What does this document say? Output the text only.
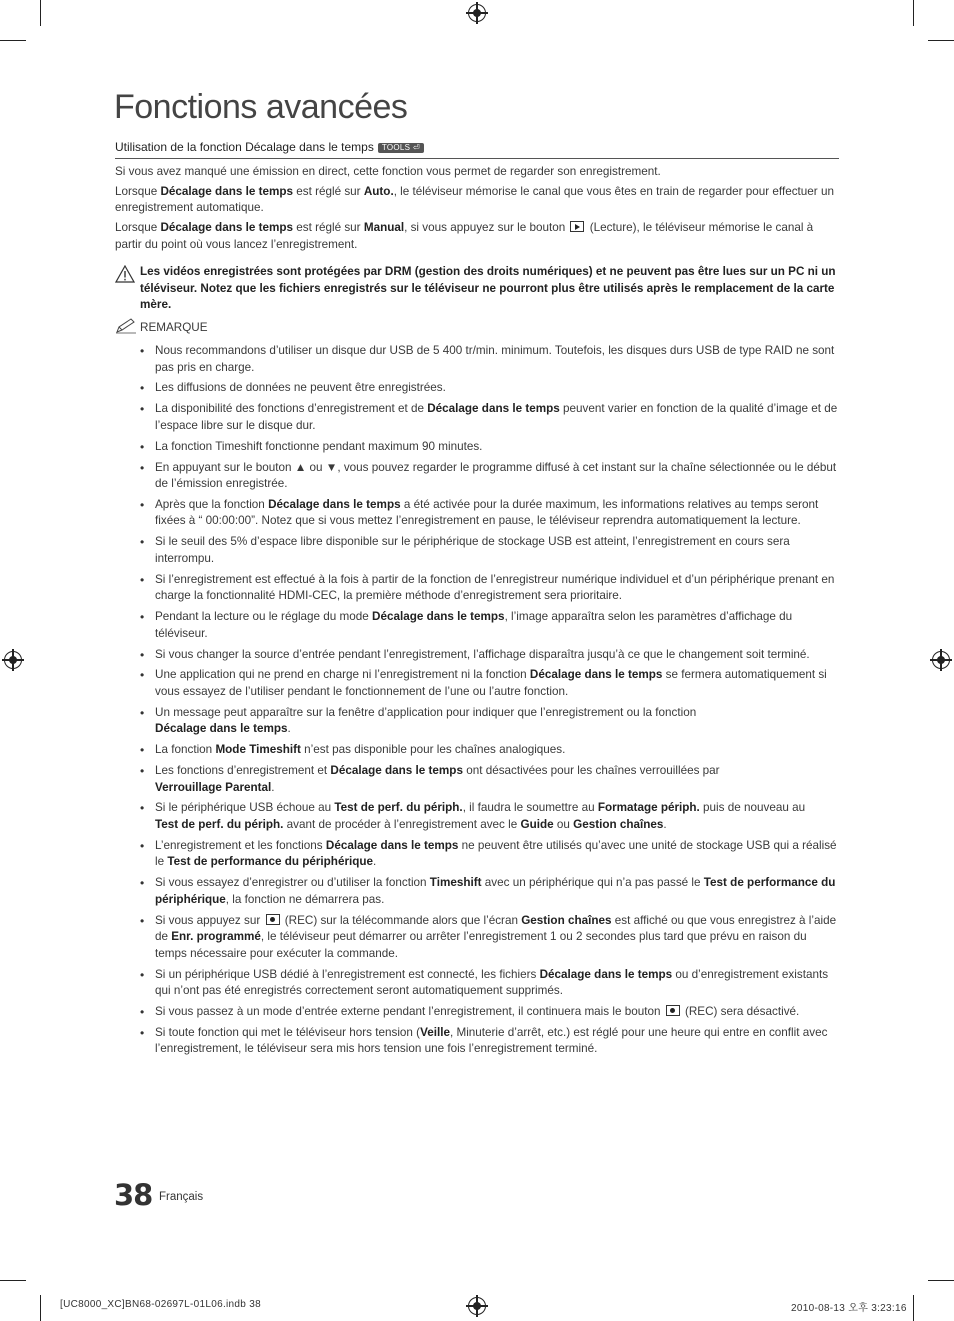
Fonctions avancées
Utilisation de la fonction Décalage dans le temps TOOLS ⏎

Si vous avez manqué une émission en direct, cette fonction vous permet de regarder son enregistrement.

Lorsque Décalage dans le temps est réglé sur Auto., le téléviseur mémorise le canal que vous êtes en train de regarder pour effectuer un enregistrement automatique.

Lorsque Décalage dans le temps est réglé sur Manual, si vous appuyez sur le bouton  (Lecture), le téléviseur mémorise le canal à partir du point où vous lancez l’enregistrement.

Les vidéos enregistrées sont protégées par DRM (gestion des droits numériques) et ne peuvent pas être lues sur un PC ni un téléviseur. Notez que les fichiers enregistrés sur le téléviseur ne pourront plus être utilisés après le remplacement de la carte mère.
REMARQUE
• Nous recommandons d’utiliser un disque dur USB de 5 400 tr/min. minimum. Toutefois, les disques durs USB de type RAID ne sont pas pris en charge.
• Les diffusions de données ne peuvent être enregistrées.
• La disponibilité des fonctions d’enregistrement et de Décalage dans le temps peuvent varier en fonction de la qualité d’image et de l’espace libre sur le disque dur.
• La fonction Timeshift fonctionne pendant maximum 90 minutes.
• En appuyant sur le bouton ▲ ou ▼, vous pouvez regarder le programme diffusé à cet instant sur la chaîne sélectionnée ou le début de l’émission enregistrée.
• Après que la fonction Décalage dans le temps a été activée pour la durée maximum, les informations relatives au temps seront fixées à “ 00:00:00”. Notez que si vous mettez l’enregistrement en pause, le téléviseur reprendra automatiquement la lecture.
• Si le seuil des 5% d’espace libre disponible sur le périphérique de stockage USB est atteint, l’enregistrement en cours sera interrompu.
• Si l’enregistrement est effectué à la fois à partir de la fonction de l’enregistreur numérique individuel et d’un périphérique prenant en charge la fonctionnalité HDMI-CEC, la première méthode d’enregistrement sera prioritaire.
• Pendant la lecture ou le réglage du mode Décalage dans le temps, l’image apparaîtra selon les paramètres d’affichage du téléviseur.
• Si vous changer la source d’entrée pendant l’enregistrement, l’affichage disparaîtra jusqu’à ce que le changement soit terminé.
• Une application qui ne prend en charge ni l’enregistrement ni la fonction Décalage dans le temps se fermera automatiquement si vous essayez de l’utiliser pendant le fonctionnement de l’une ou l’autre fonction.
• Un message peut apparaître sur la fenêtre d’application pour indiquer que l’enregistrement ou la fonction
Décalage dans le temps.
• La fonction Mode Timeshift n’est pas disponible pour les chaînes analogiques.
• Les fonctions d’enregistrement et Décalage dans le temps ont désactivées pour les chaînes verrouillées par
Verrouillage Parental.
• Si le périphérique USB échoue au Test de perf. du périph., il faudra le soumettre au Formatage périph. puis de nouveau au
Test de perf. du périph. avant de procéder à l’enregistrement avec le Guide ou Gestion chaînes.
• L’enregistrement et les fonctions Décalage dans le temps ne peuvent être utilisés qu’avec une unité de stockage USB qui a réalisé le Test de performance du périphérique.
• Si vous essayez d’enregistrer ou d’utiliser la fonction Timeshift avec un périphérique qui n’a pas passé le Test de performance du périphérique, la fonction ne démarrera pas.
• Si vous appuyez sur  (REC) sur la télécommande alors que l’écran Gestion chaînes est affiché ou que vous enregistrez à l’aide de Enr. programmé, le téléviseur peut démarrer ou arrêter l’enregistrement 1 ou 2 secondes plus tard que prévu en raison du temps nécessaire pour exécuter la commande.
• Si un périphérique USB dédié à l’enregistrement est connecté, les fichiers Décalage dans le temps ou d’enregistrement existants qui n’ont pas été enregistrés correctement seront automatiquement supprimés.
• Si vous passez à un mode d’entrée externe pendant l’enregistrement, il continuera mais le bouton  (REC) sera désactivé.
• Si toute fonction qui met le téléviseur hors tension (Veille, Minuterie d’arrêt, etc.) est réglé pour une heure qui entre en conflit avec l’enregistrement, le téléviseur sera mis hors tension une fois l’enregistrement terminé.
38 Français
[UC8000_XC]BN68-02697L-01L06.indb 38	2010-08-13 오후 3:23:16
